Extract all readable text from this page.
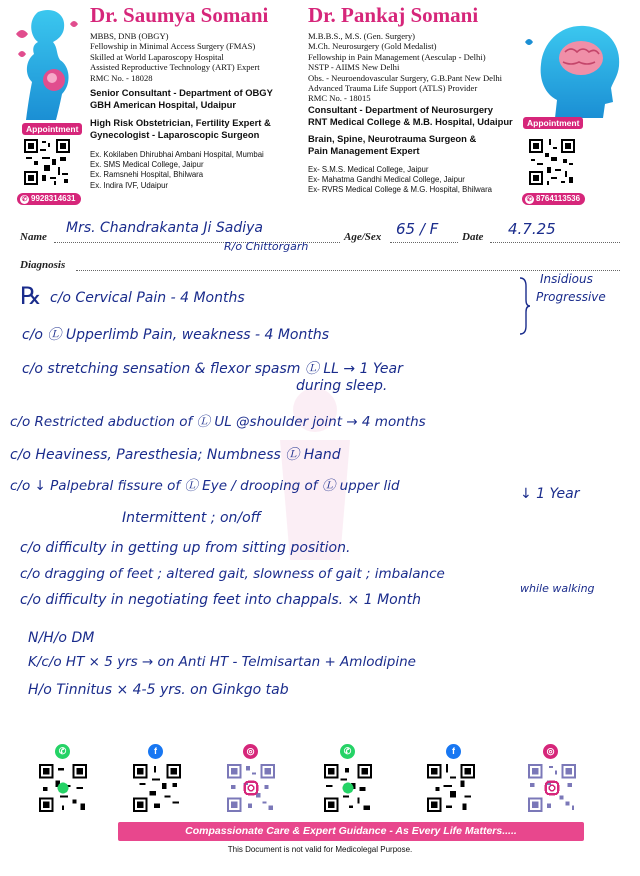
Dr. Saumya Somani
MBBS, DNB (OBGY)
Fellowship in Minimal Access Surgery (FMAS)
Skilled at World Laparoscopy Hospital
Assisted Reproductive Technology (ART) Expert
RMC No. - 18028
Senior Consultant - Department of OBGY
GBH American Hospital, Udaipur
High Risk Obstetrician, Fertility Expert &
Gynecologist - Laparoscopic Surgeon
Ex. Kokilaben Dhirubhai Ambani Hospital, Mumbai
Ex. SMS Medical College, Jaipur
Ex. Ramsnehi Hospital, Bhilwara
Ex. Indira IVF, Udaipur
Appointment
✆ 9928314631
Dr. Pankaj Somani
M.B.B.S., M.S. (Gen. Surgery)
M.Ch. Neurosurgery (Gold Medalist)
Fellowship in Pain Management (Aesculap - Delhi)
NSTP - AIIMS New Delhi
Obs. - Neuroendovascular Surgery, G.B.Pant New Delhi
Advanced Trauma Life Support (ATLS) Provider
RMC No. - 18015
Consultant - Department of Neurosurgery
RNT Medical College & M.B. Hospital, Udaipur
Brain, Spine, Neurotrauma Surgeon &
Pain Management Expert
Ex- S.M.S. Medical College, Jaipur
Ex- Mahatma Gandhi Medical College, Jaipur
Ex- RVRS Medical College & M.G. Hospital, Bhilwara
Appointment
✆ 8764113536
Name
Mrs. Chandrakanta Ji Sadiya
R/o Chittorgarh
Age/Sex 65 / F Date 4.7.25
Diagnosis
℞ c/o Cervical Pain - 4 Months
c/o Ⓛ Upperlimb Pain, weakness - 4 Months
c/o stretching sensation & flexor spasm Ⓛ LL → 1 Year
during sleep.
c/o Restricted abduction of Ⓛ UL @shoulder joint → 4 months
c/o Heaviness, Paresthesia; Numbness Ⓛ Hand
c/o ↓ Palpebral fissure of Ⓛ Eye / drooping of Ⓛ upper lid	↓ 1 Year
Intermittent ; on/off
c/o difficulty in getting up from sitting position.
c/o dragging of feet ; altered gait, slowness of gait ; imbalance
while walking
c/o difficulty in negotiating feet into chappals. × 1 Month
N/H/o DM
K/c/o HT × 5 yrs → on Anti HT - Telmisartan + Amlodipine
H/o Tinnitus × 4-5 yrs. on Ginkgo tab
Insidious
Progressive
✆	f	◎	✆	f	◎
Compassionate Care & Expert Guidance - As Every Life Matters.....
This Document is not valid for Medicolegal Purpose.
